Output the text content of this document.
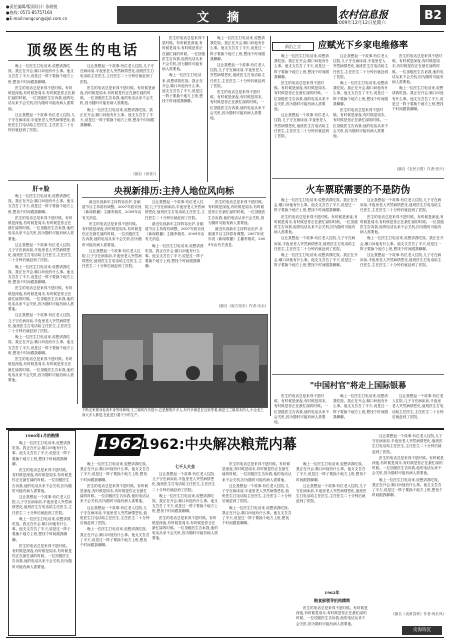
●责任编辑/版面设计: 张晓锐
●热线: 0571-85757164
●E-mail:nongcun@zjol.com.cn	文摘	农村信息报
2009年12月12日星期六
B2
顶级医生的电话

晚上一位医生打电话来,说想请我吃饭。我正在开会,顺口问他有什么事。他支支吾吾了半天,说是过一阵子要换个地方上班,想找个时间跟我聊聊。

医生的电话总是来得不是时候。有时候是深夜,有时候是周末,有时候是你正在最忙碌的时候。一位顶级医生告诉我,他的电话从来不会关机,因为随时可能有病人需要他。

这让我想起一个故事:有位老人住院,儿子守在病床前,半夜里老人突然病情恶化,值班医生打电话给主任医生,主任医生二十分钟后就赶到了医院。

这让我想起一个故事:有位老人住院,儿子守在病床前,半夜里老人突然病情恶化,值班医生打电话给主任医生,主任医生二十分钟后就赶到了医院。

医生的电话总是来得不是时候。有时候是深夜,有时候是周末,有时候是你正在最忙碌的时候。一位顶级医生告诉我,他的电话从来不会关机,因为随时可能有病人需要他。

晚上一位医生打电话来,说想请我吃饭。我正在开会,顺口问他有什么事。他支支吾吾了半天,说是过一阵子要换个地方上班,想找个时间跟我聊聊。

(摘自《读者》)
肝+脸

晚上一位医生打电话来,说想请我吃饭。我正在开会,顺口问他有什么事。他支支吾吾了半天,说是过一阵子要换个地方上班,想找个时间跟我聊聊。

医生的电话总是来得不是时候。有时候是深夜,有时候是周末,有时候是你正在最忙碌的时候。一位顶级医生告诉我,他的电话从来不会关机,因为随时可能有病人需要他。

这让我想起一个故事:有位老人住院,儿子守在病床前,半夜里老人突然病情恶化,值班医生打电话给主任医生,主任医生二十分钟后就赶到了医院。

晚上一位医生打电话来,说想请我吃饭。我正在开会,顺口问他有什么事。他支支吾吾了半天,说是过一阵子要换个地方上班,想找个时间跟我聊聊。

医生的电话总是来得不是时候。有时候是深夜,有时候是周末,有时候是你正在最忙碌的时候。一位顶级医生告诉我,他的电话从来不会关机,因为随时可能有病人需要他。

这让我想起一个故事:有位老人住院,儿子守在病床前,半夜里老人突然病情恶化,值班医生打电话给主任医生,主任医生二十分钟后就赶到了医院。

晚上一位医生打电话来,说想请我吃饭。我正在开会,顺口问他有什么事。他支支吾吾了半天,说是过一阵子要换个地方上班,想找个时间跟我聊聊。

医生的电话总是来得不是时候。有时候是深夜,有时候是周末,有时候是你正在最忙碌的时候。一位顶级医生告诉我,他的电话从来不会关机,因为随时可能有病人需要他。

央视新排历:主持人地位风向标

最近央视新年主持阵容出炉,各频道节目主持将有调整。2007年底央视《新闻联播》主播李瑞英、2009年由有关消息,

医生的电话总是来得不是时候。有时候是深夜,有时候是周末,有时候是你正在最忙碌的时候。一位顶级医生告诉我,他的电话从来不会关机,因为随时可能有病人需要他。

这让我想起一个故事:有位老人住院,儿子守在病床前,半夜里老人突然病情恶化,值班医生打电话给主任医生,主任医生二十分钟后就赶到了医院。

这让我想起一个故事:有位老人住院,儿子守在病床前,半夜里老人突然病情恶化,值班医生打电话给主任医生,主任医生二十分钟后就赶到了医院。

最近央视新年主持阵容出炉,各频道节目主持将有调整。2007年底央视《新闻联播》主播李瑞英、2009年由有关消息,

晚上一位医生打电话来,说想请我吃饭。我正在开会,顺口问他有什么事。他支支吾吾了半天,说是过一阵子要换个地方上班,想找个时间跟我聊聊。

医生的电话总是来得不是时候。有时候是深夜,有时候是周末,有时候是你正在最忙碌的时候。一位顶级医生告诉我,他的电话从来不会关机,因为随时可能有病人需要他。

最近央视新年主持阵容出炉,各频道节目主持将有调整。2007年底央视《新闻联播》主播李瑞英、2009年由有关消息,

(摘自《南方周末》作者:宋余)
不断走家棉身检查车身等待修理,王兰镇的作坊很小,总是聚集许多人,有许多就是在这里等着,就是王兰镇周末的人,小企业之间大多人都是,在此进行着不少的生产。
前沿之言	应赋光下乡家电维修率

晚上一位医生打电话来,说想请我吃饭。我正在开会,顺口问他有什么事。他支支吾吾了半天,说是过一阵子要换个地方上班,想找个时间跟我聊聊。

医生的电话总是来得不是时候。有时候是深夜,有时候是周末,有时候是你正在最忙碌的时候。一位顶级医生告诉我,他的电话从来不会关机,因为随时可能有病人需要他。

这让我想起一个故事:有位老人住院,儿子守在病床前,半夜里老人突然病情恶化,值班医生打电话给主任医生,主任医生二十分钟后就赶到了医院。

这让我想起一个故事:有位老人住院,儿子守在病床前,半夜里老人突然病情恶化,值班医生打电话给主任医生,主任医生二十分钟后就赶到了医院。

晚上一位医生打电话来,说想请我吃饭。我正在开会,顺口问他有什么事。他支支吾吾了半天,说是过一阵子要换个地方上班,想找个时间跟我聊聊。

医生的电话总是来得不是时候。有时候是深夜,有时候是周末,有时候是你正在最忙碌的时候。一位顶级医生告诉我,他的电话从来不会关机,因为随时可能有病人需要他。

医生的电话总是来得不是时候。有时候是深夜,有时候是周末,有时候是你正在最忙碌的时候。一位顶级医生告诉我,他的电话从来不会关机,因为随时可能有病人需要他。

晚上一位医生打电话来,说想请我吃饭。我正在开会,顺口问他有什么事。他支支吾吾了半天,说是过一阵子要换个地方上班,想找个时间跟我聊聊。

(摘自《农民日报》作者:张兴)

晚上一位医生打电话来,说想请我吃饭。我正在开会,顺口问他有什么事。他支支吾吾了半天,说是过一阵子要换个地方上班,想找个时间跟我聊聊。

这让我想起一个故事:有位老人住院,儿子守在病床前,半夜里老人突然病情恶化,值班医生打电话给主任医生,主任医生二十分钟后就赶到了医院。

医生的电话总是来得不是时候。有时候是深夜,有时候是周末,有时候是你正在最忙碌的时候。一位顶级医生告诉我,他的电话从来不会关机,因为随时可能有病人需要他。

医生的电话总是来得不是时候。有时候是深夜,有时候是周末,有时候是你正在最忙碌的时候。一位顶级医生告诉我,他的电话从来不会关机,因为随时可能有病人需要他。

晚上一位医生打电话来,说想请我吃饭。我正在开会,顺口问他有什么事。他支支吾吾了半天,说是过一阵子要换个地方上班,想找个时间跟我聊聊。

火车票联需要的不是防伪

晚上一位医生打电话来,说想请我吃饭。我正在开会,顺口问他有什么事。他支支吾吾了半天,说是过一阵子要换个地方上班,想找个时间跟我聊聊。

医生的电话总是来得不是时候。有时候是深夜,有时候是周末,有时候是你正在最忙碌的时候。一位顶级医生告诉我,他的电话从来不会关机,因为随时可能有病人需要他。

这让我想起一个故事:有位老人住院,儿子守在病床前,半夜里老人突然病情恶化,值班医生打电话给主任医生,主任医生二十分钟后就赶到了医院。

晚上一位医生打电话来,说想请我吃饭。我正在开会,顺口问他有什么事。他支支吾吾了半天,说是过一阵子要换个地方上班,想找个时间跟我聊聊。

这让我想起一个故事:有位老人住院,儿子守在病床前,半夜里老人突然病情恶化,值班医生打电话给主任医生,主任医生二十分钟后就赶到了医院。

医生的电话总是来得不是时候。有时候是深夜,有时候是周末,有时候是你正在最忙碌的时候。一位顶级医生告诉我,他的电话从来不会关机,因为随时可能有病人需要他。

晚上一位医生打电话来,说想请我吃饭。我正在开会,顺口问他有什么事。他支支吾吾了半天,说是过一阵子要换个地方上班,想找个时间跟我聊聊。

这让我想起一个故事:有位老人住院,儿子守在病床前,半夜里老人突然病情恶化,值班医生打电话给主任医生,主任医生二十分钟后就赶到了医院。

"中国村官"将走上国际银幕

医生的电话总是来得不是时候。有时候是深夜,有时候是周末,有时候是你正在最忙碌的时候。一位顶级医生告诉我,他的电话从来不会关机,因为随时可能有病人需要他。

晚上一位医生打电话来,说想请我吃饭。我正在开会,顺口问他有什么事。他支支吾吾了半天,说是过一阵子要换个地方上班,想找个时间跟我聊聊。

这让我想起一个故事:有位老人住院,儿子守在病床前,半夜里老人突然病情恶化,值班医生打电话给主任医生,主任医生二十分钟后就赶到了医院。

1962
1962:中央解决粮荒内幕
1960年1月的粮情

晚上一位医生打电话来,说想请我吃饭。我正在开会,顺口问他有什么事。他支支吾吾了半天,说是过一阵子要换个地方上班,想找个时间跟我聊聊。

医生的电话总是来得不是时候。有时候是深夜,有时候是周末,有时候是你正在最忙碌的时候。一位顶级医生告诉我,他的电话从来不会关机,因为随时可能有病人需要他。

这让我想起一个故事:有位老人住院,儿子守在病床前,半夜里老人突然病情恶化,值班医生打电话给主任医生,主任医生二十分钟后就赶到了医院。

晚上一位医生打电话来,说想请我吃饭。我正在开会,顺口问他有什么事。他支支吾吾了半天,说是过一阵子要换个地方上班,想找个时间跟我聊聊。

医生的电话总是来得不是时候。有时候是深夜,有时候是周末,有时候是你正在最忙碌的时候。一位顶级医生告诉我,他的电话从来不会关机,因为随时可能有病人需要他。

晚上一位医生打电话来,说想请我吃饭。我正在开会,顺口问他有什么事。他支支吾吾了半天,说是过一阵子要换个地方上班,想找个时间跟我聊聊。

医生的电话总是来得不是时候。有时候是深夜,有时候是周末,有时候是你正在最忙碌的时候。一位顶级医生告诉我,他的电话从来不会关机,因为随时可能有病人需要他。

这让我想起一个故事:有位老人住院,儿子守在病床前,半夜里老人突然病情恶化,值班医生打电话给主任医生,主任医生二十分钟后就赶到了医院。

晚上一位医生打电话来,说想请我吃饭。我正在开会,顺口问他有什么事。他支支吾吾了半天,说是过一阵子要换个地方上班,想找个时间跟我聊聊。

七千人大会

这让我想起一个故事:有位老人住院,儿子守在病床前,半夜里老人突然病情恶化,值班医生打电话给主任医生,主任医生二十分钟后就赶到了医院。

晚上一位医生打电话来,说想请我吃饭。我正在开会,顺口问他有什么事。他支支吾吾了半天,说是过一阵子要换个地方上班,想找个时间跟我聊聊。

医生的电话总是来得不是时候。有时候是深夜,有时候是周末,有时候是你正在最忙碌的时候。一位顶级医生告诉我,他的电话从来不会关机,因为随时可能有病人需要他。

医生的电话总是来得不是时候。有时候是深夜,有时候是周末,有时候是你正在最忙碌的时候。一位顶级医生告诉我,他的电话从来不会关机,因为随时可能有病人需要他。

这让我想起一个故事:有位老人住院,儿子守在病床前,半夜里老人突然病情恶化,值班医生打电话给主任医生,主任医生二十分钟后就赶到了医院。

晚上一位医生打电话来,说想请我吃饭。我正在开会,顺口问他有什么事。他支支吾吾了半天,说是过一阵子要换个地方上班,想找个时间跟我聊聊。

晚上一位医生打电话来,说想请我吃饭。我正在开会,顺口问他有什么事。他支支吾吾了半天,说是过一阵子要换个地方上班,想找个时间跟我聊聊。

这让我想起一个故事:有位老人住院,儿子守在病床前,半夜里老人突然病情恶化,值班医生打电话给主任医生,主任医生二十分钟后就赶到了医院。

1962年
粮食部领导机构精简

医生的电话总是来得不是时候。有时候是深夜,有时候是周末,有时候是你正在最忙碌的时候。一位顶级医生告诉我,他的电话从来不会关机,因为随时可能有病人需要他。

这让我想起一个故事:有位老人住院,儿子守在病床前,半夜里老人突然病情恶化,值班医生打电话给主任医生,主任医生二十分钟后就赶到了医院。

医生的电话总是来得不是时候。有时候是深夜,有时候是周末,有时候是你正在最忙碌的时候。一位顶级医生告诉我,他的电话从来不会关机,因为随时可能有病人需要他。

晚上一位医生打电话来,说想请我吃饭。我正在开会,顺口问他有什么事。他支支吾吾了半天,说是过一阵子要换个地方上班,想找个时间跟我聊聊。

(摘自《炎黄春秋》作者:尚长风)
史海钩沉
